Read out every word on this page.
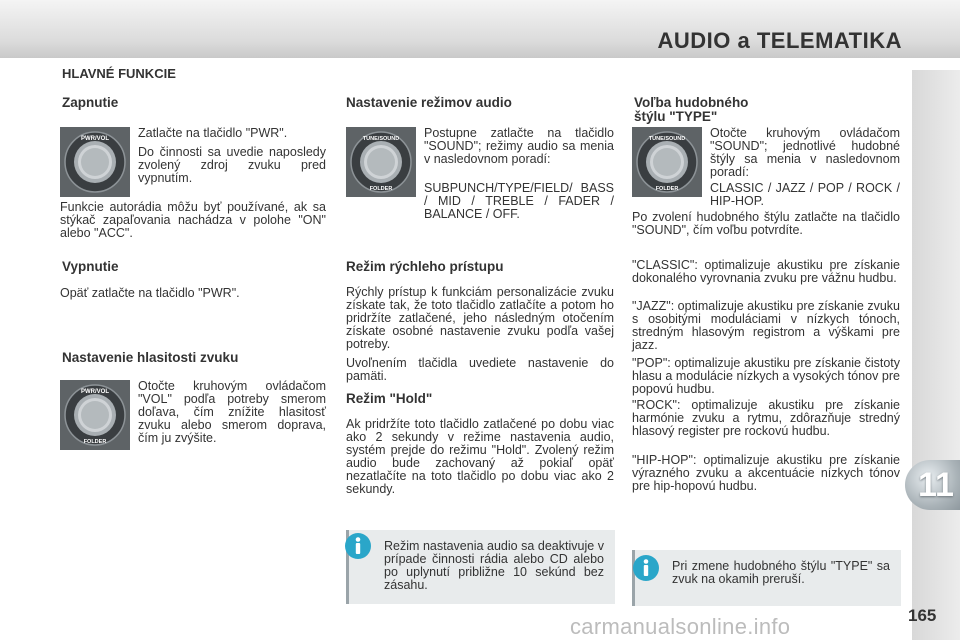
AUDIO a TELEMATIKA
11
165
carmanualsonline.info
HLAVNÉ FUNKCIE
Zapnutie
PWR/VOL Zatlačte na tlačidlo "PWR".

Do činnosti sa uvedie naposledy zvolený zdroj zvuku pred vypnutím.

Funkcie autorádia môžu byť používané, ak sa stýkač zapaľovania nachádza v polohe "ON" alebo "ACC".

Vypnutie

Opäť zatlačte na tlačidlo "PWR".

Nastavenie hlasitosti zvuku
PWR/VOL
FOLDER

Otočte kruhovým ovládačom "VOL" podľa potreby smerom doľava, čím znížite hlasitosť zvuku alebo smerom doprava, čím ju zvýšite.

Nastavenie režimov audio
TUNE/SOUND
FOLDER

Postupne zatlačte na tlačidlo "SOUND"; režimy audio sa menia v nasledovnom poradí:

SUBPUNCH/TYPE/FIELD/ BASS / MID / TREBLE / FADER / BALANCE / OFF.

Režim rýchleho prístupu

Rýchly prístup k funkciám personalizácie zvuku získate tak, že toto tlačidlo zatlačíte a potom ho pridržíte zatlačené, jeho následným otočením získate osobné nastavenie zvuku podľa vašej potreby.

Uvoľnením tlačidla uvediete nastavenie do pamäti.

Režim "Hold"

Ak pridržíte toto tlačidlo zatlačené po dobu viac ako 2 sekundy v režime nastavenia audio, systém prejde do režimu "Hold". Zvolený režim audio bude zachovaný až pokiaľ opäť nezatlačíte na toto tlačidlo po dobu viac ako 2 sekundy.

Režim nastavenia audio sa deaktivuje v prípade činnosti rádia alebo CD alebo po uplynutí približne 10 sekúnd bez zásahu.

Voľba hudobného
štýlu "TYPE"
TUNE/SOUND
FOLDER

Otočte kruhovým ovládačom "SOUND"; jednotlivé hudobné štýly sa menia v nasledovnom poradí:

CLASSIC / JAZZ / POP / ROCK / HIP-HOP.

Po zvolení hudobného štýlu zatlačte na tlačidlo "SOUND", čím voľbu potvrdíte.

"CLASSIC": optimalizuje akustiku pre získanie dokonalého vyrovnania zvuku pre vážnu hudbu.

"JAZZ": optimalizuje akustiku pre získanie zvuku s osobitými moduláciami v nízkych tónoch, stredným hlasovým registrom a výškami pre jazz.

"POP": optimalizuje akustiku pre získanie čistoty hlasu a modulácie nízkych a vysokých tónov pre popovú hudbu.

"ROCK": optimalizuje akustiku pre získanie harmónie zvuku a rytmu, zdôrazňuje stredný hlasový register pre rockovú hudbu.

"HIP-HOP": optimalizuje akustiku pre získanie výrazného zvuku a akcentuácie nízkych tónov pre hip-hopovú hudbu.

Pri zmene hudobného štýlu "TYPE" sa zvuk na okamih preruší.
